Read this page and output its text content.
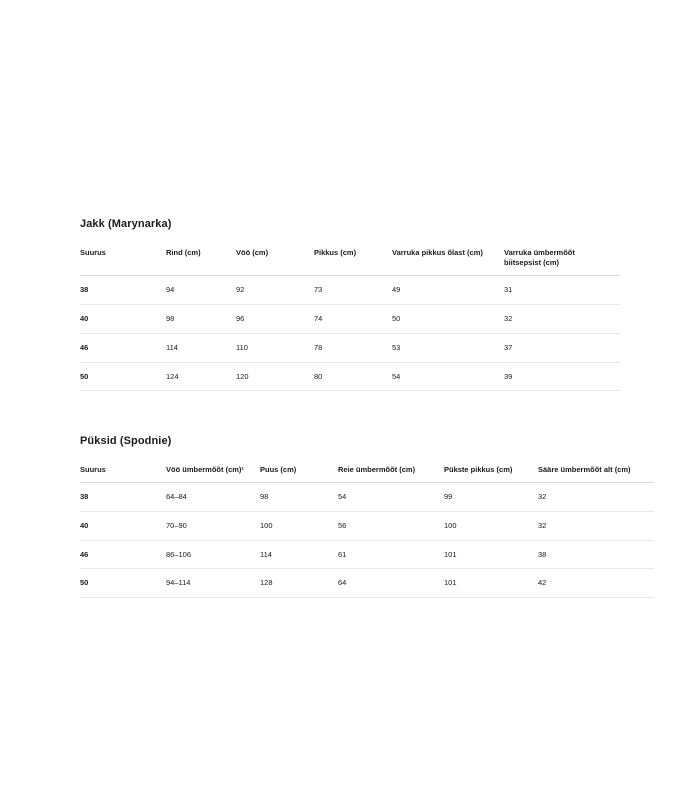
Jakk (Marynarka)
Suurus	Rind (cm)	Vöö (cm)	Pikkus (cm)	Varruka pikkus õlast (cm)	Varruka ümbermõõt biitsepsist (cm)
38	94	92	73	49	31
40	98	96	74	50	32
46	114	110	78	53	37
50	124	120	80	54	39
Püksid (Spodnie)
Suurus	Vöö ümbermõõt (cm)¹	Puus (cm)	Reie ümbermõõt (cm)	Pükste pikkus (cm)	Sääre ümbermõõt alt (cm)
38	64–84	98	54	99	32
40	70–90	100	56	100	32
46	86–106	114	61	101	38
50	94–114	128	64	101	42
